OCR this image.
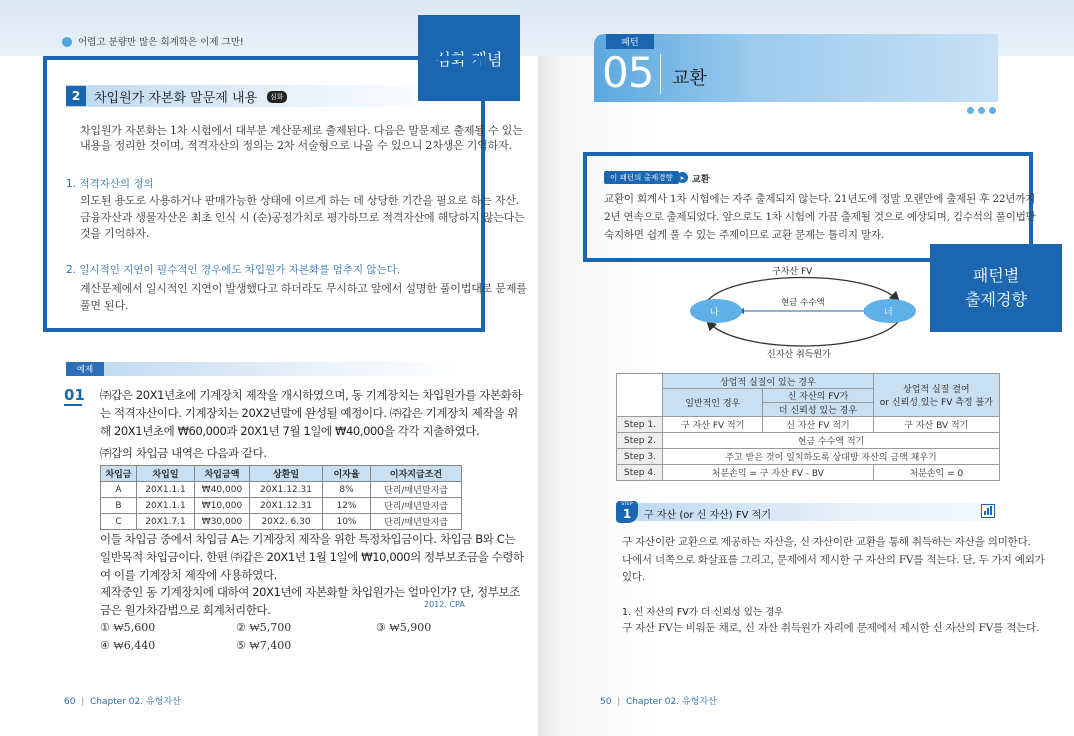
어렵고 분량만 많은 회계학은 이제 그만!
심화 개념
2 차입원가 자본화 말문제 내용	심화
차입원가 자본화는 1차 시험에서 대부분 계산문제로 출제된다. 다음은 말문제로 출제될 수 있는
내용을 정리한 것이며, 적격자산의 정의는 2차 서술형으로 나올 수 있으니 2차생은 기억하자.
1. 적격자산의 정의
의도된 용도로 사용하거나 판매가능한 상태에 이르게 하는 데 상당한 기간을 필요로 하는 자산.
금융자산과 생물자산은 최초 인식 시 (순)공정가치로 평가하므로 적격자산에 해당하지 않는다는
것을 기억하자.
2. 일시적인 지연이 필수적인 경우에도 차입원가 자본화를 멈추지 않는다.
계산문제에서 일시적인 지연이 발생했다고 하더라도 무시하고 앞에서 설명한 풀이법대로 문제를
풀면 된다.
예제
01 ㈜갑은 20X1년초에 기계장치 제작을 개시하였으며, 동 기계장치는 차입원가를 자본화하
는 적격자산이다. 기계장치는 20X2년말에 완성될 예정이다. ㈜갑은 기계장치 제작을 위
해 20X1년초에 ₩60,000과 20X1년 7월 1일에 ₩40,000을 각각 지출하였다.
㈜갑의 차입금 내역은 다음과 같다.
차입금	차입일	차입금액	상환일	이자율	이자지급조건
A	20X1.1.1	₩40,000	20X1.12.31	8%	단리/매년말지급
B	20X1.1.1	₩10,000	20X1.12.31	12%	단리/매년말지급
C	20X1.7.1	₩30,000	20X2. 6.30	10%	단리/매년말지급
이들 차입금 중에서 차입금 A는 기계장치 제작을 위한 특정차입금이다. 차입금 B와 C는
일반목적 차입금이다. 한편 ㈜갑은 20X1년 1월 1일에 ₩10,000의 정부보조금을 수령하
여 이를 기계장치 제작에 사용하였다.
제작중인 동 기계장치에 대하여 20X1년에 자본화할 차입원가는 얼마인가? 단, 정부보조
금은 원가차감법으로 회계처리한다.	2012. CPA
① ₩5,600	② ₩5,700	③ ₩5,900
④ ₩6,440	⑤ ₩7,400
60  |  Chapter 02. 유형자산
패턴
05 교환
이 패턴의 출제경향	▸ 교환
교환이 회계사 1차 시험에는 자주 출제되지 않는다. 21년도에 정말 오랜만에 출제된 후 22년까지
2년 연속으로 출제되었다. 앞으로도 1차 시험에 가끔 출제될 것으로 예상되며, 김수석의 풀이법만
숙지하면 쉽게 풀 수 있는 주제이므로 교환 문제는 틀리지 말자.
패턴별
출제경향
구자산 FV
나	너
현금 수수액
신자산 취득원가
	상업적 실질이 있는 경우		상업적 실질 결여
or 신뢰성 있는 FV 측정 불가

	일반적인 경우	신 자산의 FV가	
		더 신뢰성 있는 경우	
Step 1.	구 자산 FV 적기	신 자산 FV 적기	구 자산 BV 적기
Step 2.	현금 수수액 적기		
Step 3.	주고 받은 것이 일치하도록 상대방 자산의 금액 채우기		
Step 4.	처분손익 = 구 자산 FV - BV		처분손익 = 0
STEP
1	구 자산 (or 신 자산) FV 적기
구 자산이란 교환으로 제공하는 자산을, 신 자산이란 교환을 통해 취득하는 자산을 의미한다.
나에서 너쪽으로 화살표를 그리고, 문제에서 제시한 구 자산의 FV를 적는다. 단, 두 가지 예외가
있다.
1. 신 자산의 FV가 더 신뢰성 있는 경우
구 자산 FV는 비워둔 채로, 신 자산 취득원가 자리에 문제에서 제시한 신 자산의 FV를 적는다.
50  |  Chapter 02. 유형자산
